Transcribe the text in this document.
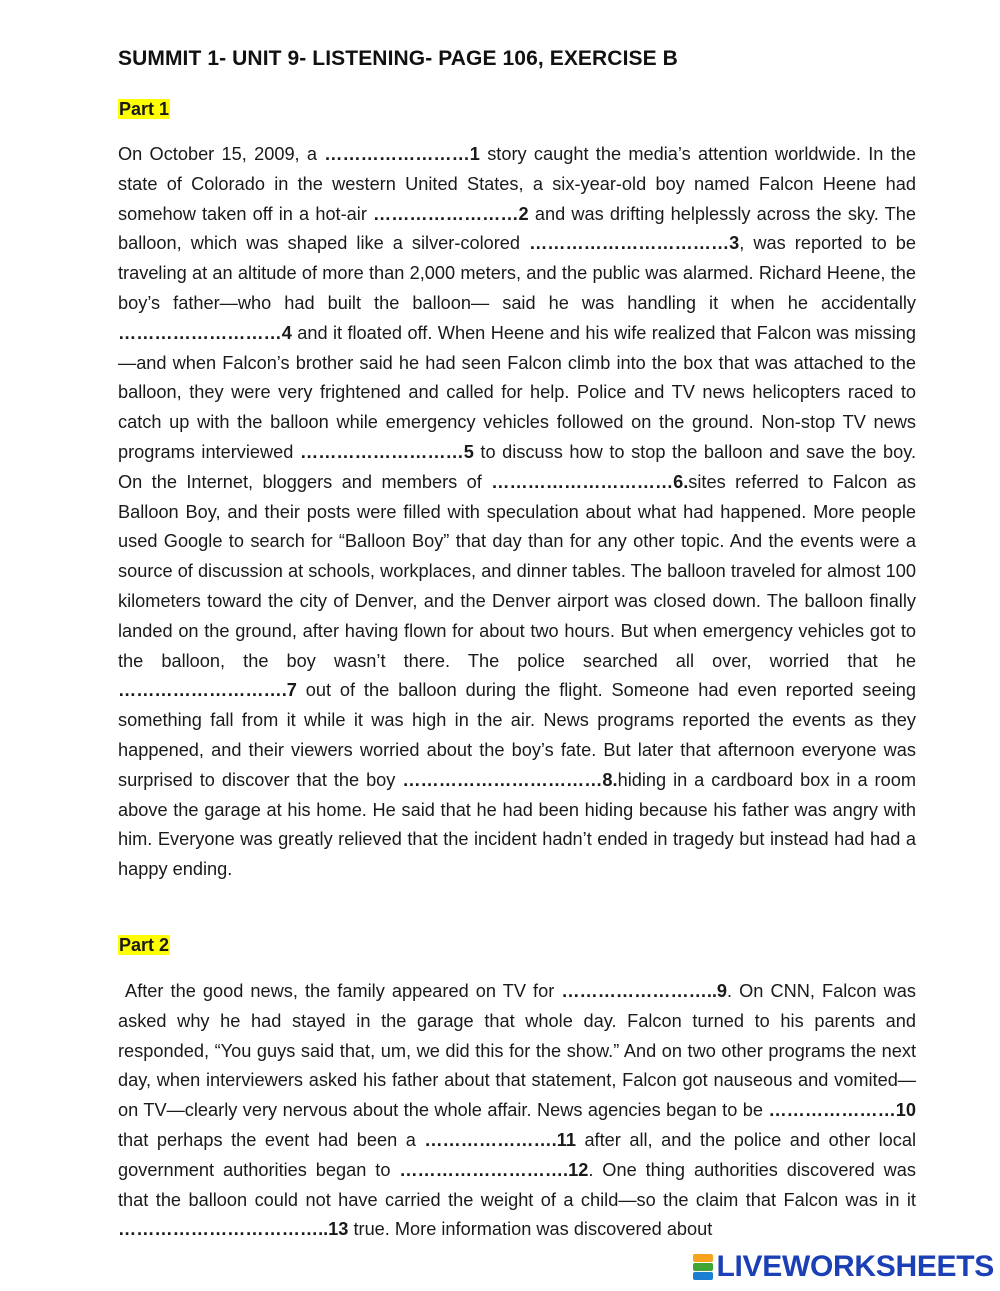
SUMMIT 1- UNIT 9- LISTENING- PAGE 106, EXERCISE B
Part 1

On October 15, 2009, a ……………………1 story caught the media’s attention worldwide. In the state of Colorado in the western United States, a six-year-old boy named Falcon Heene had somehow taken off in a hot-air ……………………2 and was drifting helplessly across the sky. The balloon, which was shaped like a silver-colored ……………………………3, was reported to be traveling at an altitude of more than 2,000 meters, and the public was alarmed. Richard Heene, the boy’s father—who had built the balloon— said he was handling it when he accidentally ………………………4 and it floated off. When Heene and his wife realized that Falcon was missing—and when Falcon’s brother said he had seen Falcon climb into the box that was attached to the balloon, they were very frightened and called for help. Police and TV news helicopters raced to catch up with the balloon while emergency vehicles followed on the ground. Non-stop TV news programs interviewed ………………………5 to discuss how to stop the balloon and save the boy. On the Internet, bloggers and members of …………………………6.sites referred to Falcon as Balloon Boy, and their posts were filled with speculation about what had happened. More people used Google to search for “Balloon Boy” that day than for any other topic. And the events were a source of discussion at schools, workplaces, and dinner tables. The balloon traveled for almost 100 kilometers toward the city of Denver, and the Denver airport was closed down. The balloon finally landed on the ground, after having flown for about two hours. But when emergency vehicles got to the balloon, the boy wasn’t there. The police searched all over, worried that he ……………………….7 out of the balloon during the flight. Someone had even reported seeing something fall from it while it was high in the air. News programs reported the events as they happened, and their viewers worried about the boy’s fate. But later that afternoon everyone was surprised to discover that the boy ……………………………8.hiding in a cardboard box in a room above the garage at his home. He said that he had been hiding because his father was angry with him. Everyone was greatly relieved that the incident hadn’t ended in tragedy but instead had had a happy ending.

Part 2

After the good news, the family appeared on TV for ……………………..9. On CNN, Falcon was asked why he had stayed in the garage that whole day. Falcon turned to his parents and responded, “You guys said that, um, we did this for the show.” And on two other programs the next day, when interviewers asked his father about that statement, Falcon got nauseous and vomited—on TV—clearly very nervous about the whole affair. News agencies began to be …………………10 that perhaps the event had been a ………………….11 after all, and the police and other local government authorities began to ……………………….12. One thing authorities discovered was that the balloon could not have carried the weight of a child—so the claim that Falcon was in it ……………………………..13 true. More information was discovered about

LIVEWORKSHEETS
